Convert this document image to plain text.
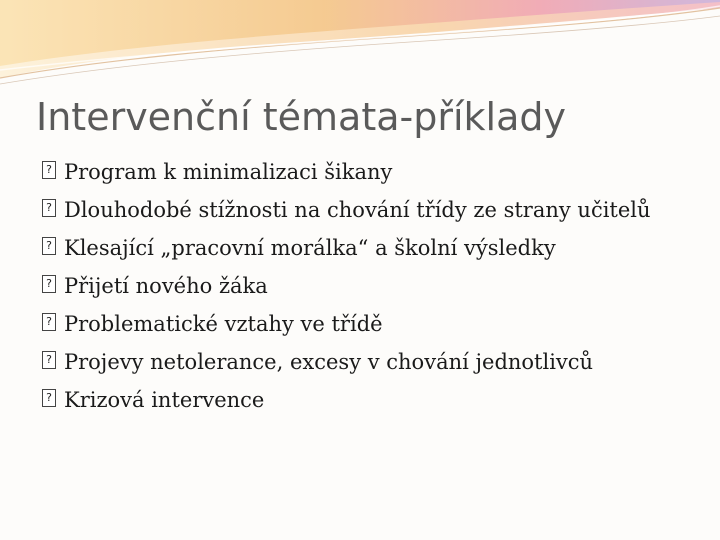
Intervenční témata-příklady
?
Program k minimalizaci šikany
?
Dlouhodobé stížnosti na chování třídy ze strany učitelů
?
Klesající „pracovní morálka“ a školní výsledky
?
Přijetí nového žáka
?
Problematické vztahy ve třídě
?
Projevy netolerance, excesy v chování jednotlivců
?
Krizová intervence
